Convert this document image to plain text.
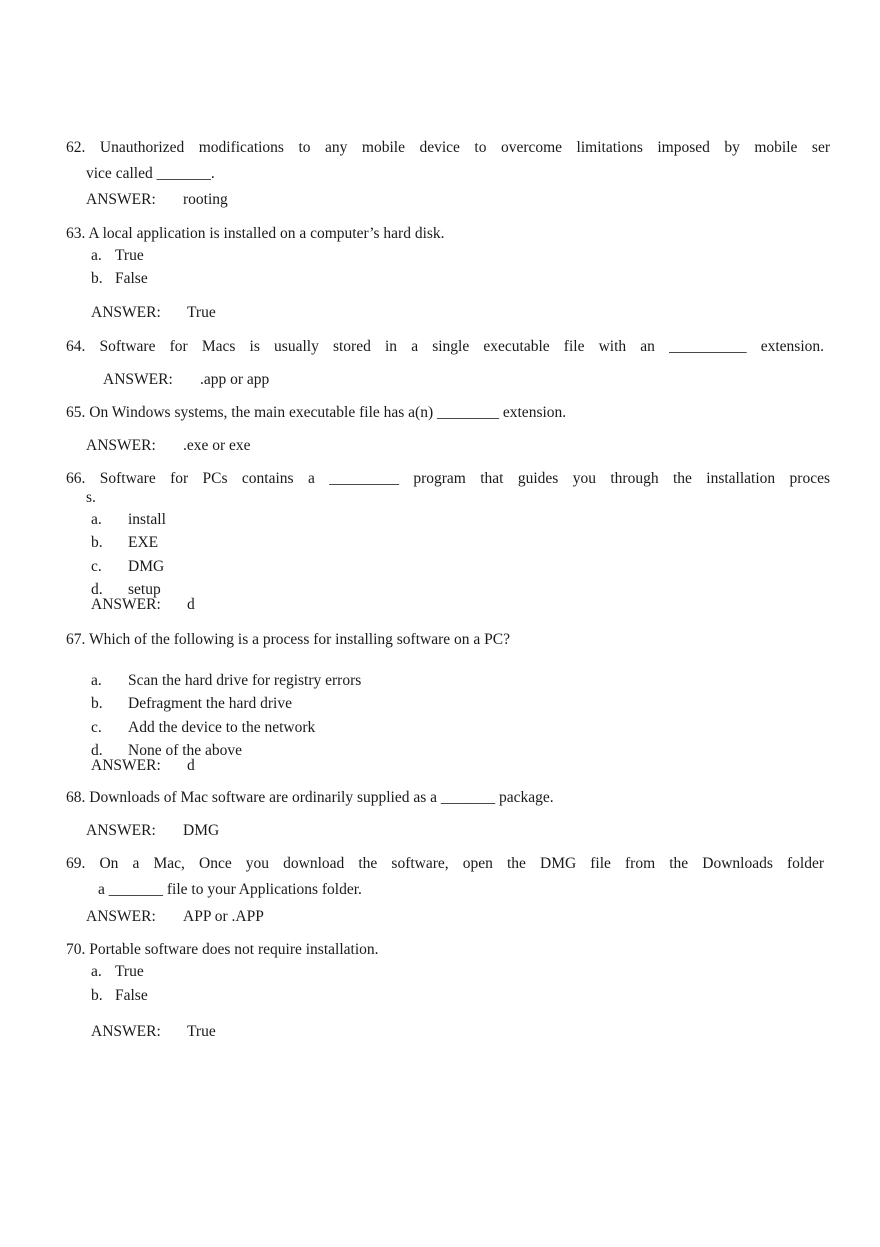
62. Unauthorized modifications to any mobile device to overcome limitations imposed by mobile ser
vice called _______.
ANSWER: rooting
63. A local application is installed on a computer’s hard disk.
a. True
b. False
ANSWER: True
64. Software for Macs is usually stored in a single executable file with an __________ extension.
ANSWER: .app or app
65. On Windows systems, the main executable file has a(n) ________ extension.
ANSWER: .exe or exe
66. Software for PCs contains a _________ program that guides you through the installation proces
s.
a. install
b. EXE
c. DMG
d. setup
ANSWER: d
67. Which of the following is a process for installing software on a PC?
a. Scan the hard drive for registry errors
b. Defragment the hard drive
c. Add the device to the network
d. None of the above
ANSWER: d
68. Downloads of Mac software are ordinarily supplied as a _______ package.
ANSWER: DMG
69. On a Mac, Once you download the software, open the DMG file from the Downloads folder
a _______ file to your Applications folder.
ANSWER: APP or .APP
70. Portable software does not require installation.
a. True
b. False
ANSWER: True
